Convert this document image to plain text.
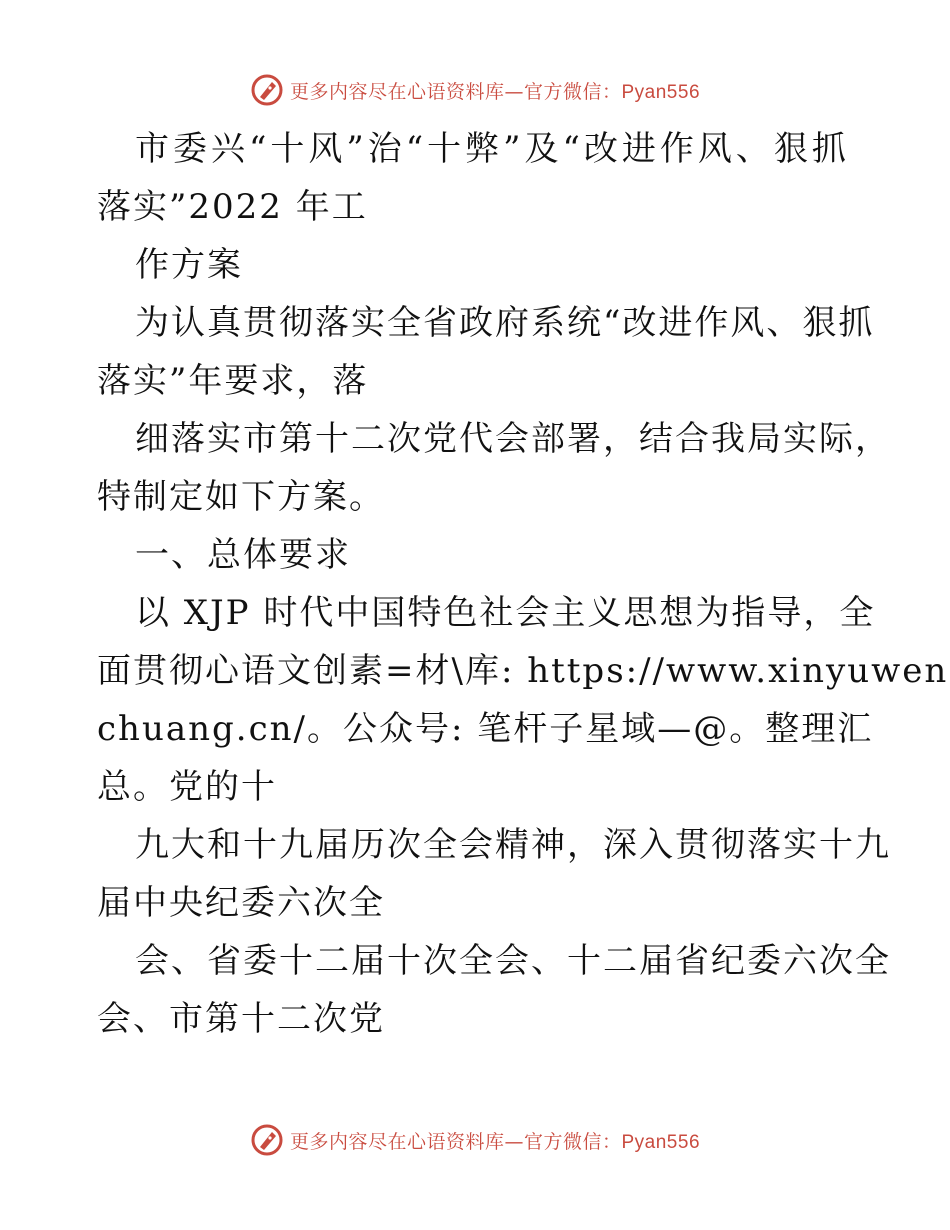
更多内容尽在心语资料库—官方微信：Pyan556
市委兴“十风”治“十弊”及“改进作风、狠抓
落实”2022 年工
作方案
为认真贯彻落实全省政府系统“改进作风、狠抓
落实”年要求，落
细落实市第十二次党代会部署，结合我局实际，
特制定如下方案。
一、总体要求
以 XJP 时代中国特色社会主义思想为指导，全
面贯彻心语文创素=材\库: https://www.xinyuwen
chuang.cn/。公众号: 笔杆子星域—@。整理汇
总。党的十
九大和十九届历次全会精神，深入贯彻落实十九
届中央纪委六次全
会、省委十二届十次全会、十二届省纪委六次全
会、市第十二次党
更多内容尽在心语资料库—官方微信：Pyan556
